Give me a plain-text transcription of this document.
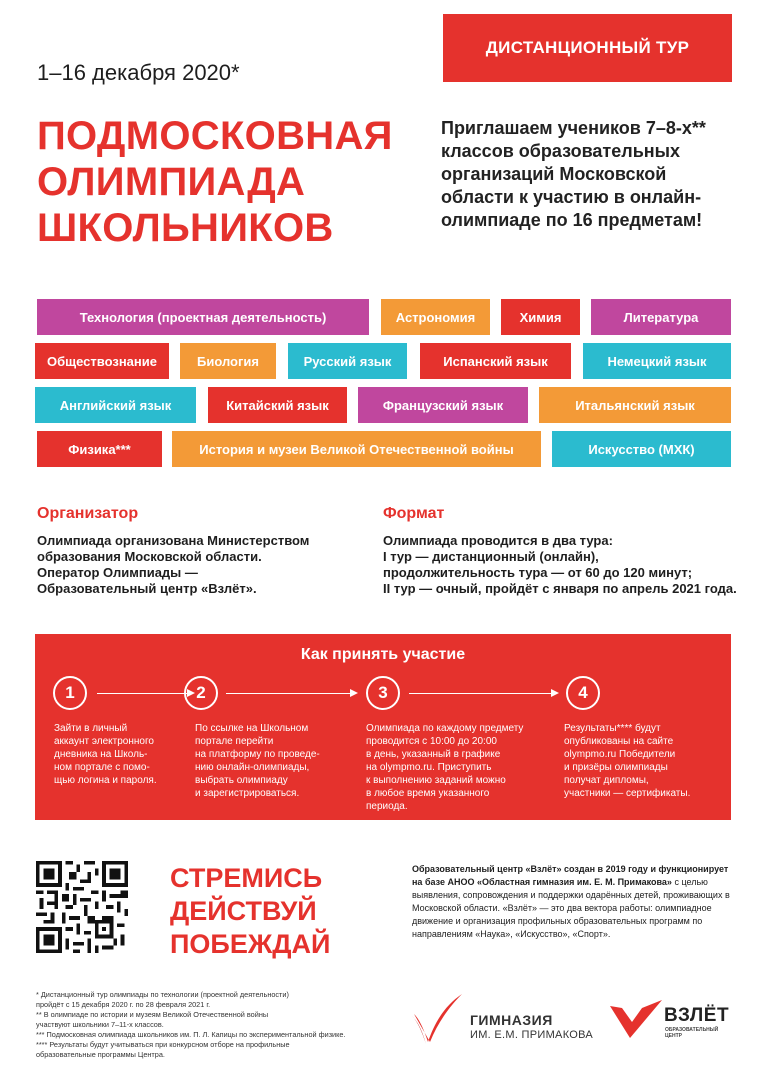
ДИСТАНЦИОННЫЙ ТУР
1–16 декабря 2020*
ПОДМОСКОВНАЯ
ОЛИМПИАДА
ШКОЛЬНИКОВ
Приглашаем учеников 7–8-х** классов образовательных организаций Московской области к участию в онлайн-олимпиаде по 16 предметам!
Технология (проектная деятельность)	Астрономия	Химия	Литература
Обществознание	Биология	Русский язык	Испанский язык	Немецкий язык
Английский язык	Китайский язык	Французский язык	Итальянский язык
Физика***	История и музеи Великой Отечественной войны	Искусство (МХК)
Организатор
Олимпиада организована Министерством
образования Московской области.
Оператор Олимпиады —
Образовательный центр «Взлёт».
Формат
Олимпиада проводится в два тура:
I тур — дистанционный (онлайн),
продолжительность тура — от 60 до 120 минут;
II тур — очный, пройдёт с января по апрель 2021 года.
Как принять участие
1	2	3	4
Зайти в личный
аккаунт электронного
дневника на Школь-
ном портале с помо-
щью логина и пароля.
По ссылке на Школьном
портале перейти
на платформу по проведе-
нию онлайн-олимпиады,
выбрать олимпиаду
и зарегистрироваться.
Олимпиада по каждому предмету
проводится с 10:00 до 20:00
в день, указанный в графике
на olympmo.ru. Приступить
к выполнению заданий можно
в любое время указанного
периода.
Результаты**** будут
опубликованы на сайте
olympmo.ru Победители
и призёры олимпиады
получат дипломы,
участники — сертификаты.
СТРЕМИСЬ
ДЕЙСТВУЙ
ПОБЕЖДАЙ
Образовательный центр «Взлёт» создан в 2019 году и функционирует на базе АНОО «Областная гимназия им. Е. М. Примакова» с целью выявления, сопровождения и поддержки одарённых детей, проживающих в Московской области. «Взлёт» — это два вектора работы: олимпиадное движение и организация профильных образовательных программ по направлениям «Наука», «Искусство», «Спорт».
* Дистанционный тур олимпиады по технологии (проектной деятельности)
пройдёт с 15 декабря 2020 г. по 28 февраля 2021 г.
** В олимпиаде по истории и музеям Великой Отечественной войны
участвуют школьники 7–11-х классов.
*** Подмосковная олимпиада школьников им. П. Л. Капицы по экспериментальной физике.
**** Результаты будут учитываться при конкурсном отборе на профильные
образовательные программы Центра.
ГИМНАЗИЯ
ИМ. Е.М. ПРИМАКОВА
ВЗЛЁТ
ОБРАЗОВАТЕЛЬНЫЙ
ЦЕНТР
